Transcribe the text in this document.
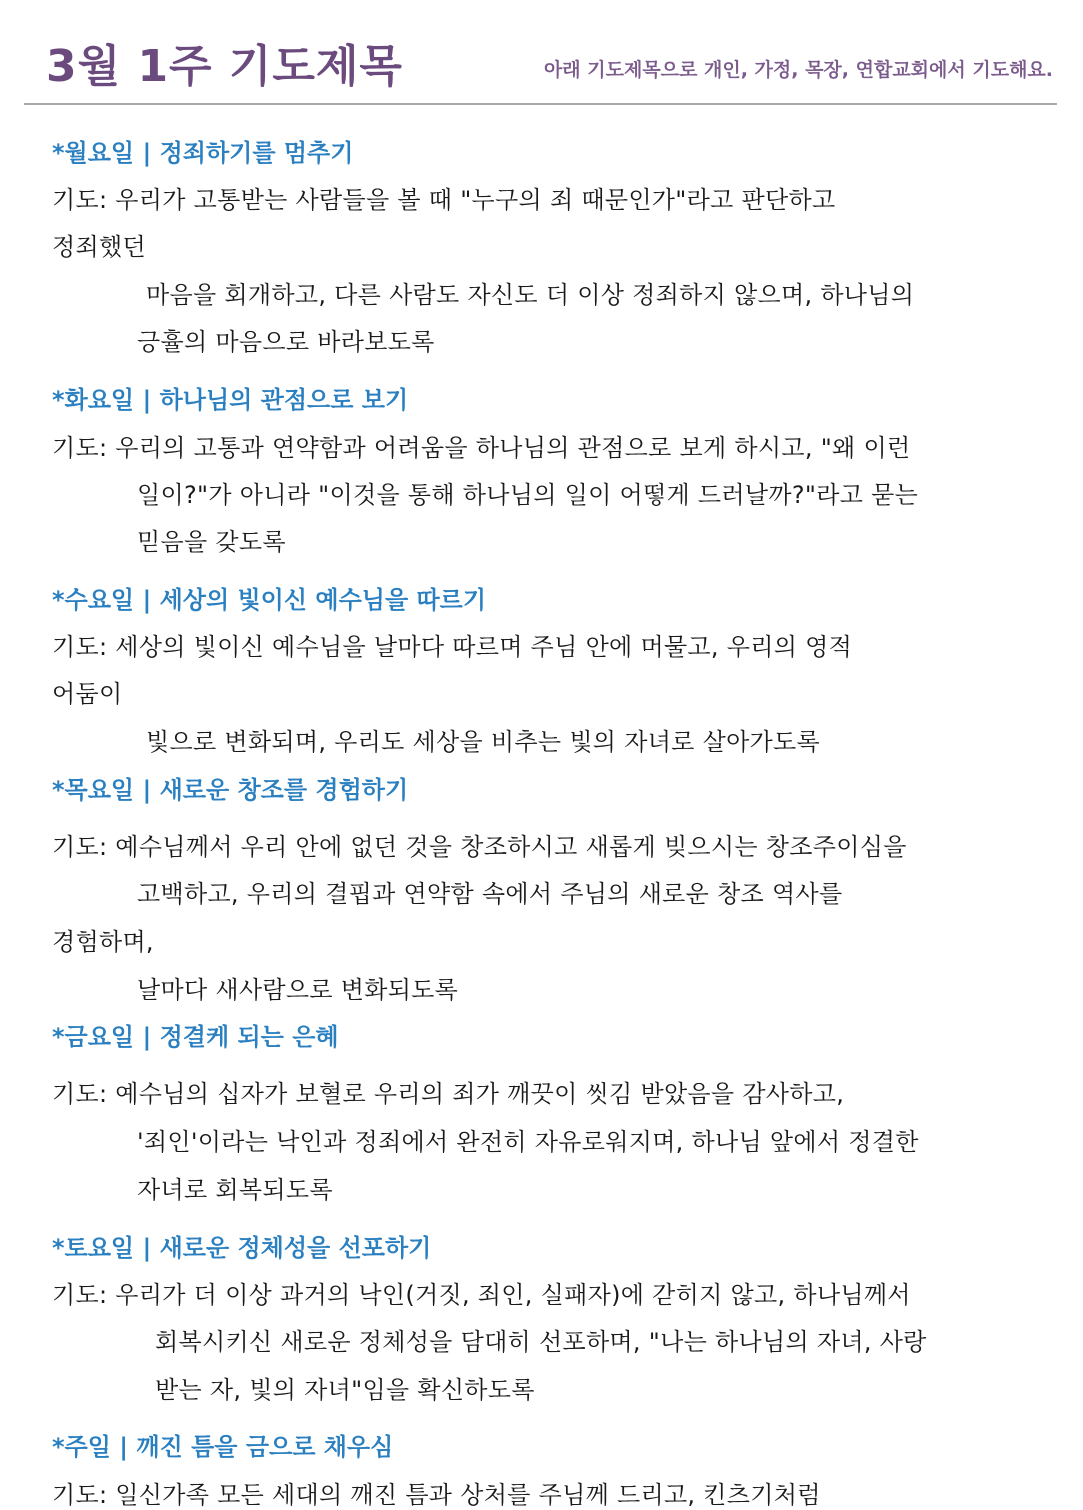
3월 1주 기도제목	아래 기도제목으로 개인, 가정, 목장, 연합교회에서 기도해요.
*월요일 | 정죄하기를 멈추기

기도: 우리가 고통받는 사람들을 볼 때 "누구의 죄 때문인가"라고 판단하고

정죄했던

마음을 회개하고, 다른 사람도 자신도 더 이상 정죄하지 않으며, 하나님의

긍휼의 마음으로 바라보도록

*화요일 | 하나님의 관점으로 보기

기도: 우리의 고통과 연약함과 어려움을 하나님의 관점으로 보게 하시고, "왜 이런

일이?"가 아니라 "이것을 통해 하나님의 일이 어떻게 드러날까?"라고 묻는

믿음을 갖도록

*수요일 | 세상의 빛이신 예수님을 따르기

기도: 세상의 빛이신 예수님을 날마다 따르며 주님 안에 머물고, 우리의 영적

어둠이

빛으로 변화되며, 우리도 세상을 비추는 빛의 자녀로 살아가도록

*목요일 | 새로운 창조를 경험하기

기도: 예수님께서 우리 안에 없던 것을 창조하시고 새롭게 빚으시는 창조주이심을

고백하고, 우리의 결핍과 연약함 속에서 주님의 새로운 창조 역사를

경험하며,

날마다 새사람으로 변화되도록

*금요일 | 정결케 되는 은혜

기도: 예수님의 십자가 보혈로 우리의 죄가 깨끗이 씻김 받았음을 감사하고,

'죄인'이라는 낙인과 정죄에서 완전히 자유로워지며, 하나님 앞에서 정결한

자녀로 회복되도록

*토요일 | 새로운 정체성을 선포하기

기도: 우리가 더 이상 과거의 낙인(거짓, 죄인, 실패자)에 갇히지 않고, 하나님께서

회복시키신 새로운 정체성을 담대히 선포하며, "나는 하나님의 자녀, 사랑

받는 자, 빛의 자녀"임을 확신하도록

*주일 | 깨진 틈을 금으로 채우심

기도: 일신가족 모든 세대의 깨진 틈과 상처를 주님께 드리고, 킨츠기처럼
